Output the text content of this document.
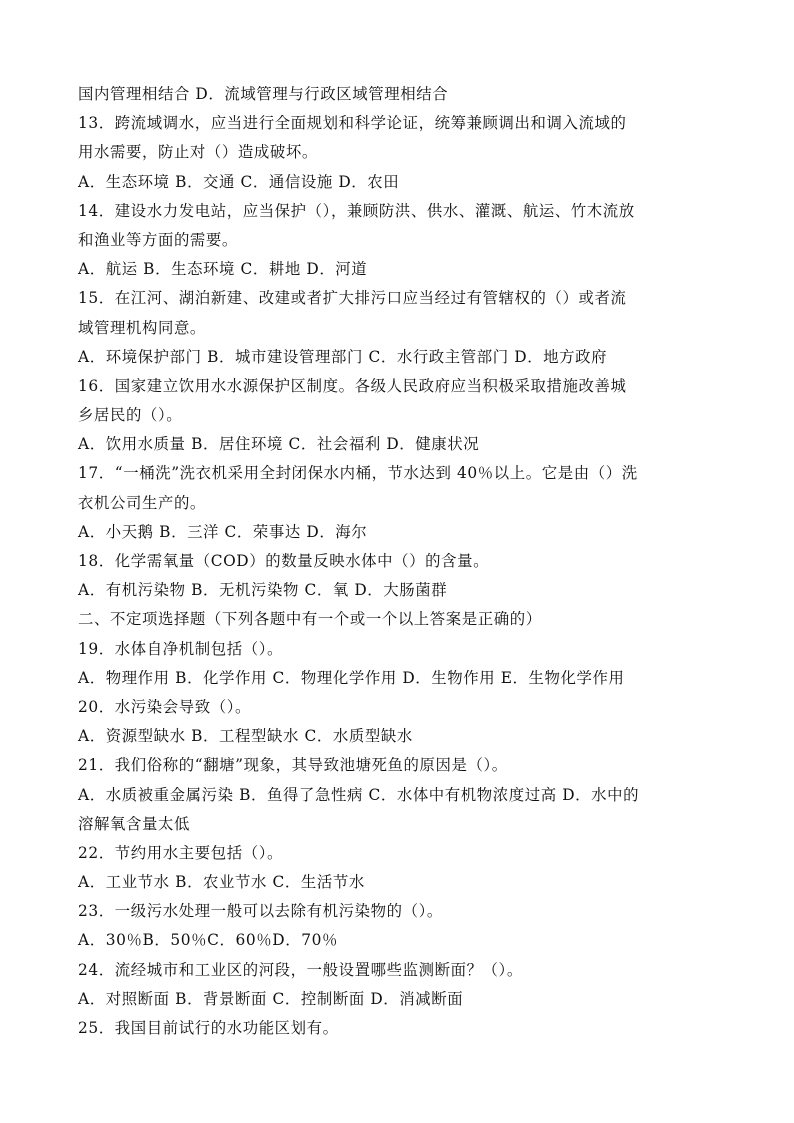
国内管理相结合 D．流域管理与行政区域管理相结合
13．跨流域调水，应当进行全面规划和科学论证，统筹兼顾调出和调入流域的
用水需要，防止对（）造成破坏。
A．生态环境 B．交通 C．通信设施 D．农田
14．建设水力发电站，应当保护（），兼顾防洪、供水、灌溉、航运、竹木流放
和渔业等方面的需要。
A．航运 B．生态环境 C．耕地 D．河道
15．在江河、湖泊新建、改建或者扩大排污口应当经过有管辖权的（）或者流
域管理机构同意。
A．环境保护部门 B．城市建设管理部门 C．水行政主管部门 D．地方政府
16．国家建立饮用水水源保护区制度。各级人民政府应当积极采取措施改善城
乡居民的（）。
A．饮用水质量 B．居住环境 C．社会福利 D．健康状况
17．“一桶洗”洗衣机采用全封闭保水内桶，节水达到 40％以上。它是由（）洗
衣机公司生产的。
A．小天鹅 B．三洋 C．荣事达 D．海尔
18．化学需氧量（COD）的数量反映水体中（）的含量。
A．有机污染物 B．无机污染物 C．氧 D．大肠菌群
二、不定项选择题（下列各题中有一个或一个以上答案是正确的）
19．水体自净机制包括（）。
A．物理作用 B．化学作用 C．物理化学作用 D．生物作用 E．生物化学作用
20．水污染会导致（）。
A．资源型缺水 B．工程型缺水 C．水质型缺水
21．我们俗称的“翻塘”现象，其导致池塘死鱼的原因是（）。
A．水质被重金属污染 B．鱼得了急性病 C．水体中有机物浓度过高 D．水中的
溶解氧含量太低
22．节约用水主要包括（）。
A．工业节水 B．农业节水 C．生活节水
23．一级污水处理一般可以去除有机污染物的（）。
A．30％B．50％C．60％D．70％
24．流经城市和工业区的河段，一般设置哪些监测断面？（）。
A．对照断面 B．背景断面 C．控制断面 D．消减断面
25．我国目前试行的水功能区划有。
